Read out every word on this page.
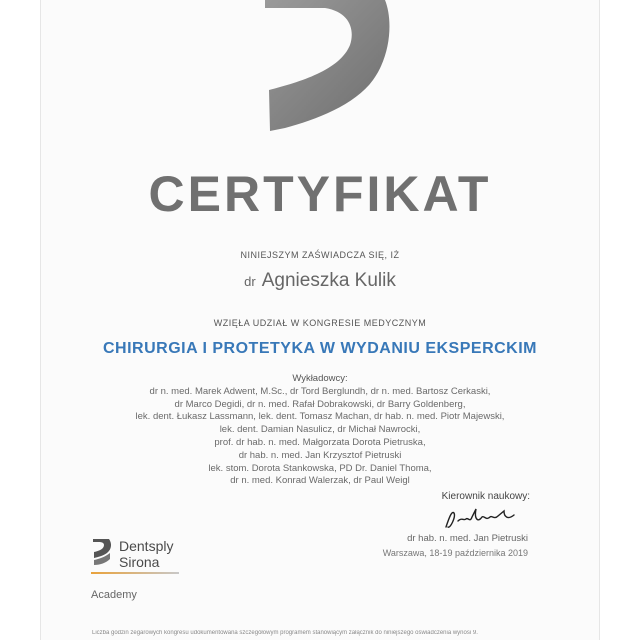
CERTYFIKAT
NINIEJSZYM ZAŚWIADCZA SIĘ, IŻ
dr Agnieszka Kulik
WZIĘŁA UDZIAŁ W KONGRESIE MEDYCZNYM
CHIRURGIA I PROTETYKA W WYDANIU EKSPERCKIM
Wykładowcy:
dr n. med. Marek Adwent, M.Sc., dr Tord Berglundh, dr n. med. Bartosz Cerkaski,
dr Marco Degidi, dr n. med. Rafał Dobrakowski, dr Barry Goldenberg,
lek. dent. Łukasz Lassmann, lek. dent. Tomasz Machan, dr hab. n. med. Piotr Majewski,
lek. dent. Damian Nasulicz, dr Michał Nawrocki,
prof. dr hab. n. med. Małgorzata Dorota Pietruska,
dr hab. n. med. Jan Krzysztof Pietruski
lek. stom. Dorota Stankowska, PD Dr. Daniel Thoma,
dr n. med. Konrad Walerzak, dr Paul Weigl
Kierownik naukowy:
dr hab. n. med. Jan Pietruski
Warszawa, 18-19 października 2019
Dentsply
Sirona
Academy
Liczba godzin zegarowych kongresu udokumentowana szczegółowym programem stanowiącym załącznik do niniejszego oświadczenia wynosi 9.
